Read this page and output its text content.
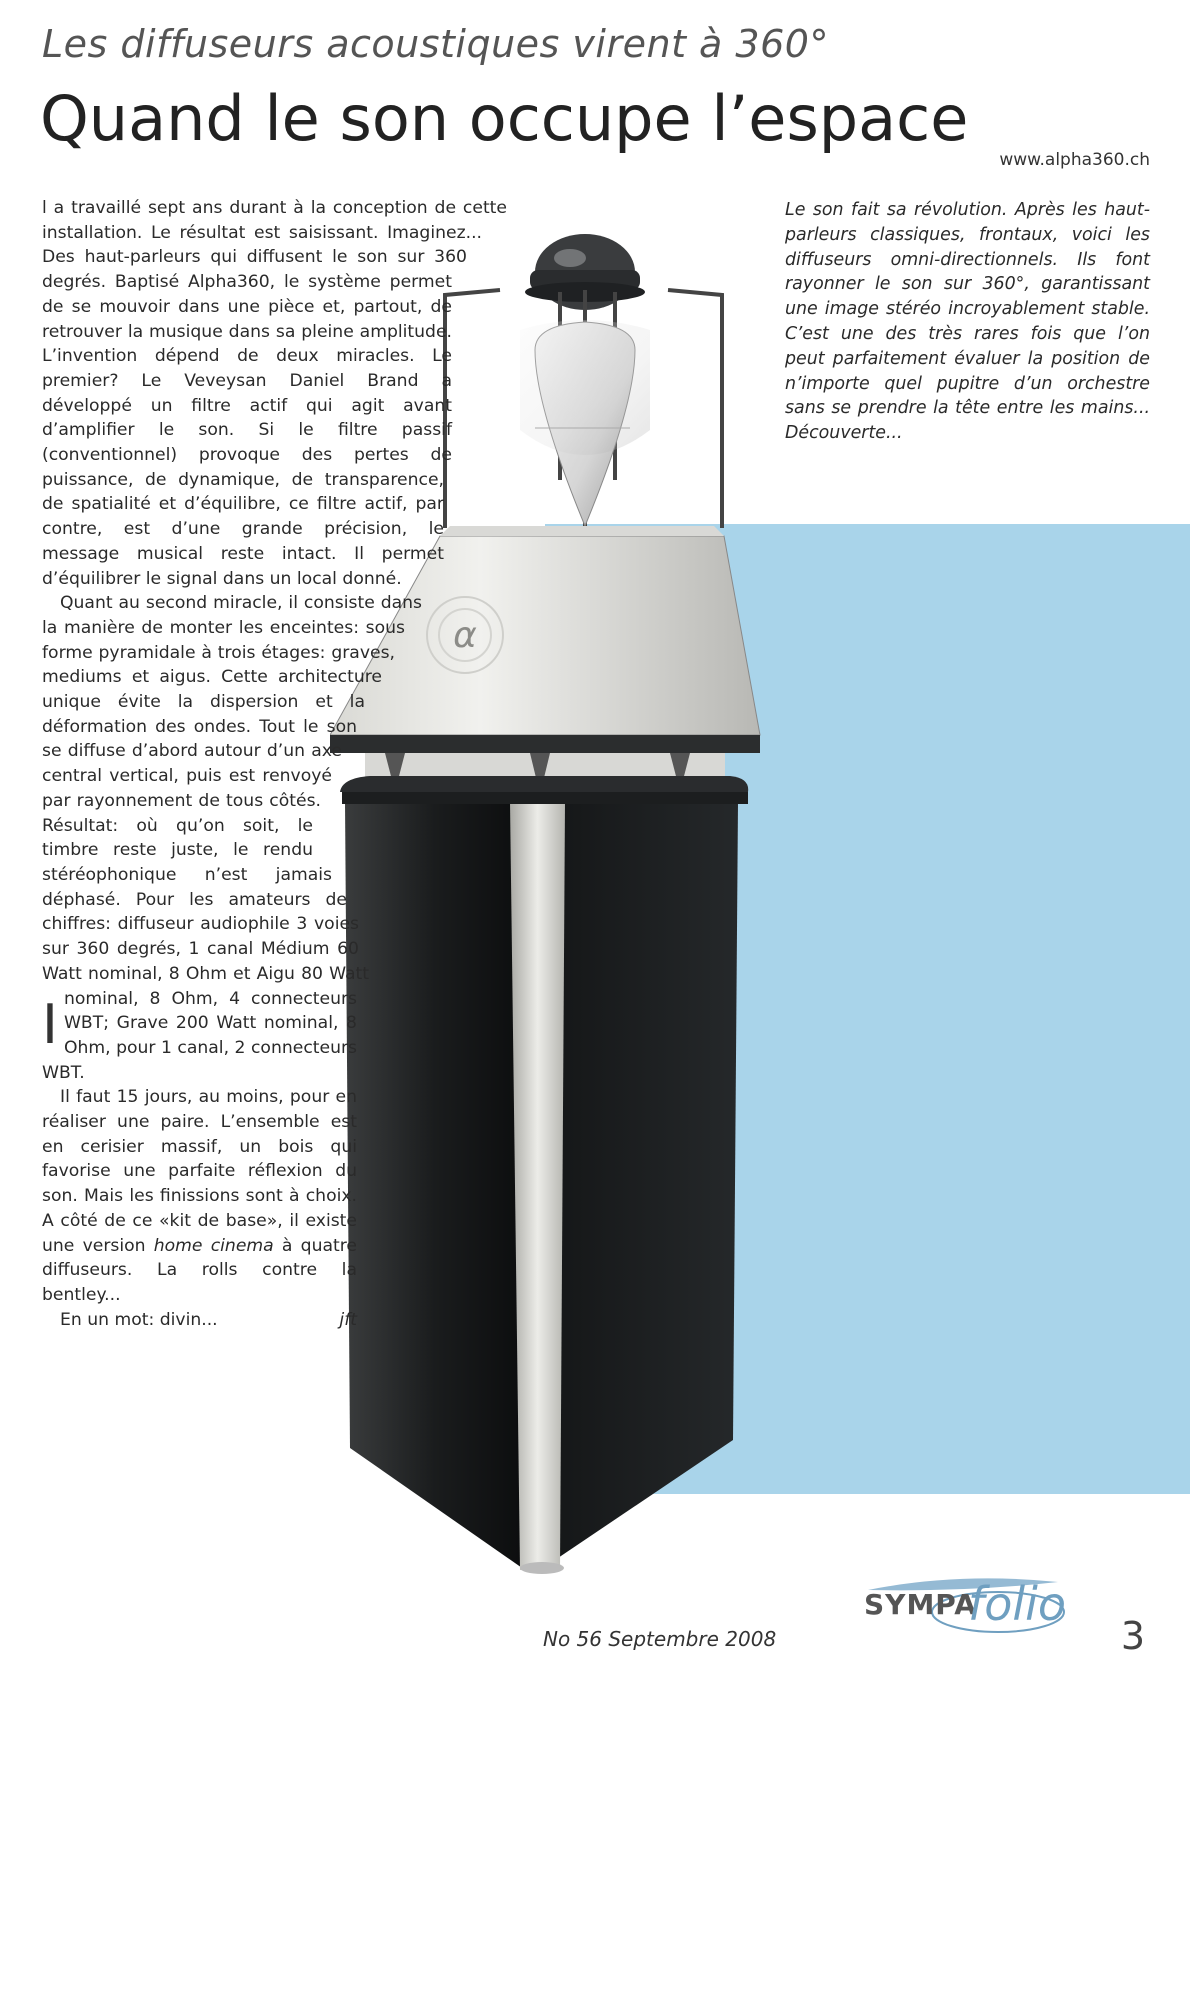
Les diffuseurs acoustiques virent à 360°
Quand le son occupe l’espace
www.alpha360.ch
α
Le son fait sa révolution. Après les haut-parleurs classiques, frontaux, voici les diffuseurs omni-directionnels. Ils font rayonner le son sur 360°, garantissant une image stéréo incroyablement stable. C’est une des très rares fois que l’on peut parfaitement évaluer la position de n’importe quel pupitre d’un orchestre sans se prendre la tête entre les mains... Découverte...

I
l a travaillé sept ans durant à la conception de cette installation. Le résultat est saisissant. Imaginez... Des haut-parleurs qui diffusent le son sur 360 degrés. Baptisé Alpha360, le système permet de se mouvoir dans une pièce et, partout, de retrouver la musique dans sa pleine amplitude. L’invention dépend de deux miracles. Le premier? Le Veveysan Daniel Brand a développé un filtre actif qui agit avant d’amplifier le son. Si le filtre passif (conventionnel) provoque des pertes de puissance, de dynamique, de transparence, de spatialité et d’équilibre, ce filtre actif, par contre, est d’une grande précision, le message musical reste intact. Il permet d’équilibrer le signal dans un local donné.

Quant au second miracle, il consiste dans la manière de monter les enceintes: sous forme pyramidale à trois étages: graves, mediums et aigus. Cette architecture unique évite la dispersion et la déformation des ondes. Tout le son se diffuse d’abord autour d’un axe central vertical, puis est renvoyé par rayonnement de tous côtés. Résultat: où qu’on soit, le timbre reste juste, le rendu stéréophonique n’est jamais déphasé. Pour les amateurs de chiffres: diffuseur audiophile 3 voies sur 360 degrés, 1 canal Médium 60 Watt nominal, 8 Ohm et Aigu 80 Watt nominal, 8 Ohm, 4 connecteurs WBT; Grave 200 Watt nominal, 8 Ohm, pour 1 canal, 2 connecteurs WBT.

Il faut 15 jours, au moins, pour en réaliser une paire. L’ensemble est en cerisier massif, un bois qui favorise une parfaite réflexion du son. Mais les finissions sont à choix. A côté de ce «kit de base», il existe une version home cinema à quatre diffuseurs. La rolls contre la bentley...

En un mot: divin...	jft

SYMPA
folio
No 56 Septembre 2008	3
